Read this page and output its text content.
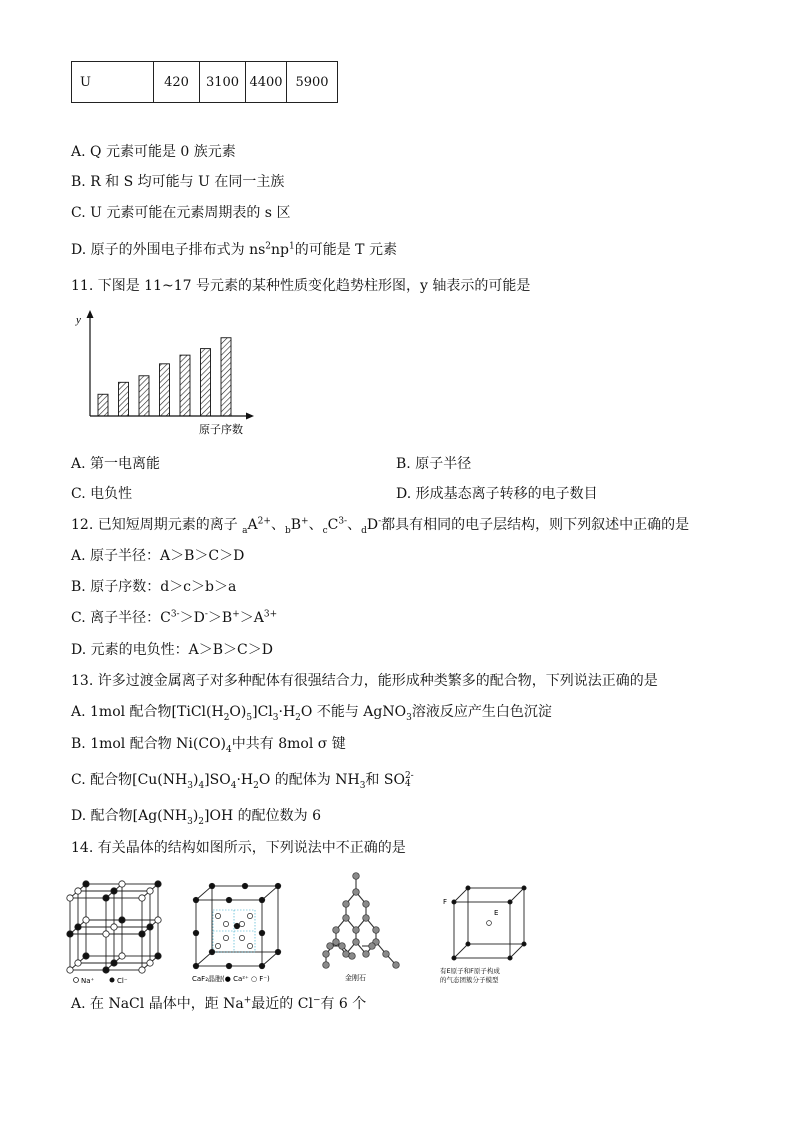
U	420	3100	4400	5900
A. Q 元素可能是 0 族元素
B. R 和 S 均可能与 U 在同一主族
C. U 元素可能在元素周期表的 s 区
D. 原子的外围电子排布式为 $ns^2np^1$的可能是 T 元素
11. 下图是 11~17 号元素的某种性质变化趋势柱形图，y 轴表示的可能是
y
原子序数
A. 第一电离能	B. 原子半径
C. 电负性	D. 形成基态离子转移的电子数目
12. 已知短周期元素的离子 $_aA^{2+}$、$_b$B+、$_cC^{3-}$、$_d$D-都具有相同的电子层结构，则下列叙述中正确的是
A. 原子半径：A＞B＞C＞D
B. 原子序数：d＞c＞b＞a
C. 离子半径：$C^{3-}>D^->B^+>A^{3+}$
D. 元素的电负性：A＞B＞C＞D
13. 许多过渡金属离子对多种配体有很强结合力，能形成种类繁多的配合物，下列说法正确的是
A. 1mol 配合物$[TiCl(H_2O)_5]Cl_3\cdot H_2O$ 不能与 AgNO$_3$溶液反应产生白色沉淀
B. 1mol 配合物 $Ni(CO)_4$中共有 8mol σ 键
C. 配合物$[Cu(NH_3)_4]SO_4\cdot H_2O$ 的配体为 $NH_3$和 SO 2-
4
D. 配合物$[Ag(NH_3)_2]OH$ 的配位数为 6
14. 有关晶体的结构如图所示，下列说法中不正确的是
Na⁺	Cl⁻	CaF₂晶胞(● Ca²⁺ ○ F⁻)	金刚石
F
E
有E原子和F原子构成
的气态团簇分子模型
A. 在 NaCl 晶体中，距 Na+最近的 Cl−有 6 个
